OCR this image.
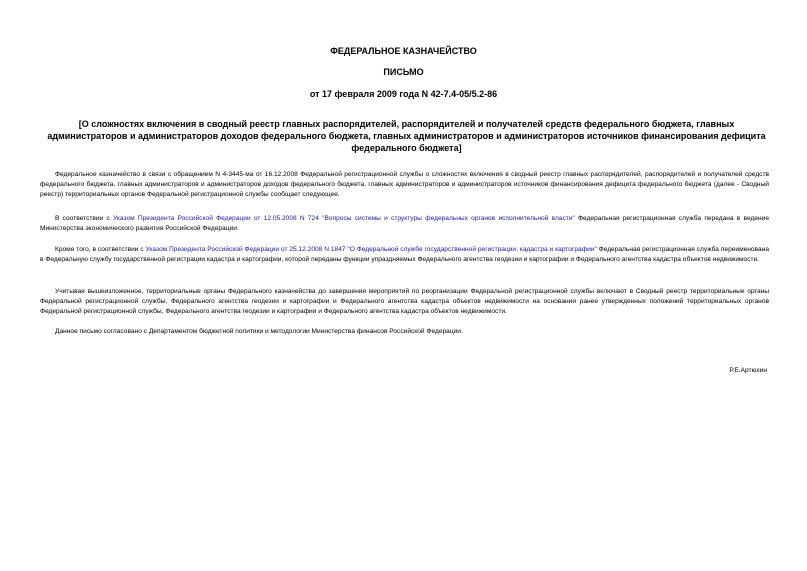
ФЕДЕРАЛЬНОЕ КАЗНАЧЕЙСТВО
ПИСЬМО
от 17 февраля 2009 года N 42-7.4-05/5.2-86
[О сложностях включения в сводный реестр главных распорядителей, распорядителей и получателей средств федерального бюджета, главных администраторов и администраторов доходов федерального бюджета, главных администраторов и администраторов источников финансирования дефицита федерального бюджета]

Федеральное казначейство в связи с обращением N 4-3445-ма от 16.12.2008 Федеральной регистрационной службы о сложностях включения в сводный реестр главных распорядителей, распорядителей и получателей средств федерального бюджета, главных администраторов и администраторов доходов федерального бюджета, главных администраторов и администраторов источников финансирования дефицита федерального бюджета (далее - Сводный реестр) территориальных органов Федеральной регистрационной службы сообщает следующее.

В соответствии с Указом Президента Российской Федерации от 12.05.2008 N 724 "Вопросы системы и структуры федеральных органов исполнительной власти" Федеральная регистрационная служба передана в ведение Министерства экономического развития Российской Федерации.

Кроме того, в соответствии с Указом Президента Российской Федерации от 25.12.2008 N 1847 "О Федеральной службе государственной регистрации, кадастра и картографии" Федеральная регистрационная служба переименована в Федеральную службу государственной регистрации кадастра и картографии, которой переданы функции упраздняемых Федерального агентства геодезии и картографии и Федерального агентства кадастра объектов недвижимости.

Учитывая вышеизложенное, территориальные органы Федерального казначейства до завершения мероприятий по реорганизации Федеральной регистрационной службы включают в Сводный реестр территориальные органы Федеральной регистрационной службы, Федерального агентства геодезии и картографии и Федерального агентства кадастра объектов недвижимости на основании ранее утвержденных положений территориальных органов Федеральной регистрационной службы, Федерального агентства геодезии и картографии и Федерального агентства кадастра объектов недвижимости.

Данное письмо согласовано с Департаментом бюджетной политики и методологии Министерства финансов Российской Федерации.

Р.Е.Артюхин
